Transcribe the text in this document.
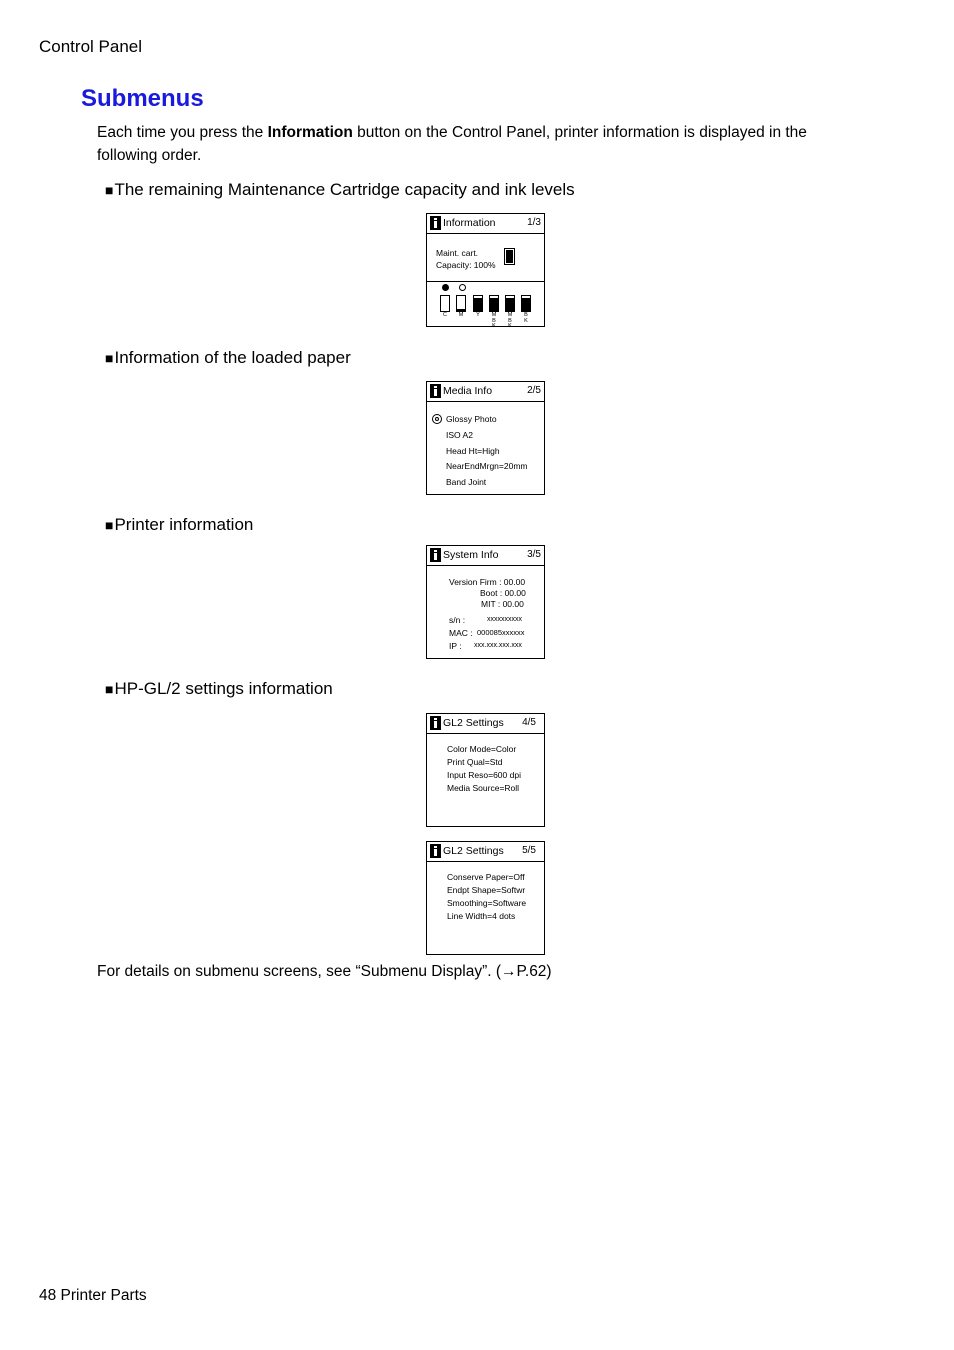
Control Panel
Submenus
Each time you press the Information button on the Control Panel, printer information is displayed in the following order.
■The remaining Maintenance Cartridge capacity and ink levels
Information	1/3
Maint. cart.
Capacity: 100%
C	M	Y	M
B
K
M
B
K
B
K
■Information of the loaded paper
Media Info	2/5
Glossy Photo
ISO A2
Head Ht=High
NearEndMrgn=20mm
Band Joint
■Printer information
System Info	3/5
Version Firm : 00.00
Boot : 00.00
MIT : 00.00
s/n :	xxxxxxxxxx
MAC : 000085xxxxxx
IP : xxx.xxx.xxx.xxx
■HP-GL/2 settings information
GL2 Settings 4/5
Color Mode=Color
Print Qual=Std
Input Reso=600 dpi
Media Source=Roll
GL2 Settings 5/5
Conserve Paper=Off
Endpt Shape=Softwr
Smoothing=Software
Line Width=4 dots
For details on submenu screens, see “Submenu Display”. (→P.62)
48 Printer Parts
